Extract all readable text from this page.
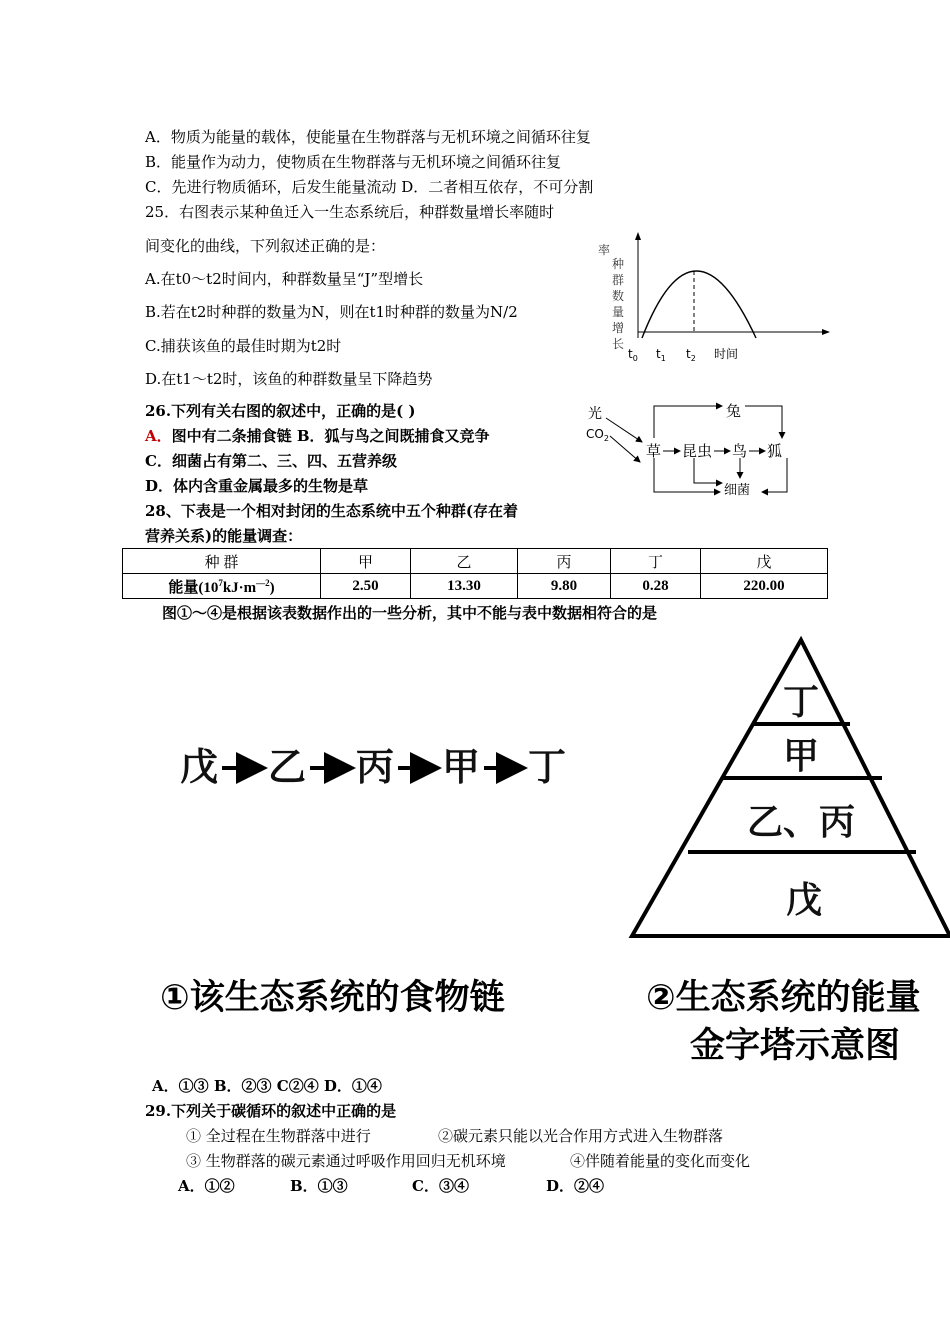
A．物质为能量的载体，使能量在生物群落与无机环境之间循环往复
B．能量作为动力，使物质在生物群落与无机环境之间循环往复
C．先进行物质循环，后发生能量流动 D．二者相互依存，不可分割
25．右图表示某种鱼迁入一生态系统后，种群数量增长率随时
间变化的曲线，下列叙述正确的是：
A.在t0～t2时间内，种群数量呈“J”型增长
B.若在t2时种群的数量为N，则在t1时种群的数量为N/2
C.捕获该鱼的最佳时期为t2时
D.在t1～t2时，该鱼的种群数量呈下降趋势
率
种
群
数
量
增
长
$t_0$ $t_1$ $t_2$ 时间
26.下列有关右图的叙述中，正确的是( )
A．图中有二条捕食链 B．狐与鸟之间既捕食又竞争
C．细菌占有第二、三、四、五营养级
D．体内含重金属最多的生物是草
光
$CO_2$
草 昆虫 鸟 狐
兔
细菌
28、下表是一个相对封闭的生态系统中五个种群(存在着
营养关系)的能量调查：
种 群	甲	乙	丙	丁	戊
能量$(10^7kJ\cdot m^{—2})$	2.50	13.30	9.80	0.28	220.00
图①～④是根据该表数据作出的一些分析，其中不能与表中数据相符合的是
戊 乙 丙 甲 丁
丁
甲
乙、丙
戊
①该生态系统的食物链	②生态系统的能量
金字塔示意图
A．①③ B．②③ C②④ D．①④
29.下列关于碳循环的叙述中正确的是
① 全过程在生物群落中进行	②碳元素只能以光合作用方式进入生物群落
③ 生物群落的碳元素通过呼吸作用回归无机环境	④伴随着能量的变化而变化
A．①②	B．①③	C．③④	D．②④
